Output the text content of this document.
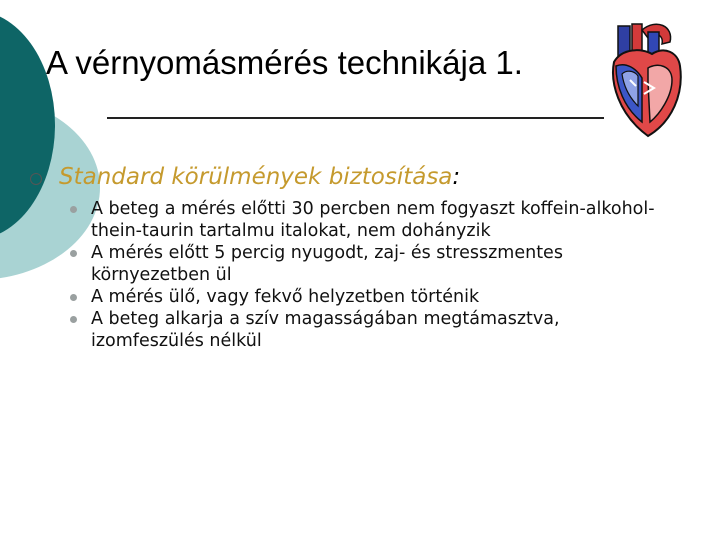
A vérnyomásmérés technikája 1.
Standard körülmények biztosítása:
A beteg a mérés előtti 30 percben nem fogyaszt koffein-alkohol-thein-taurin tartalmu italokat, nem dohányzik
A mérés előtt 5 percig nyugodt, zaj- és stresszmentes környezetben ül
A mérés ülő, vagy fekvő helyzetben történik
A beteg alkarja a szív magasságában megtámasztva, izomfeszülés nélkül
